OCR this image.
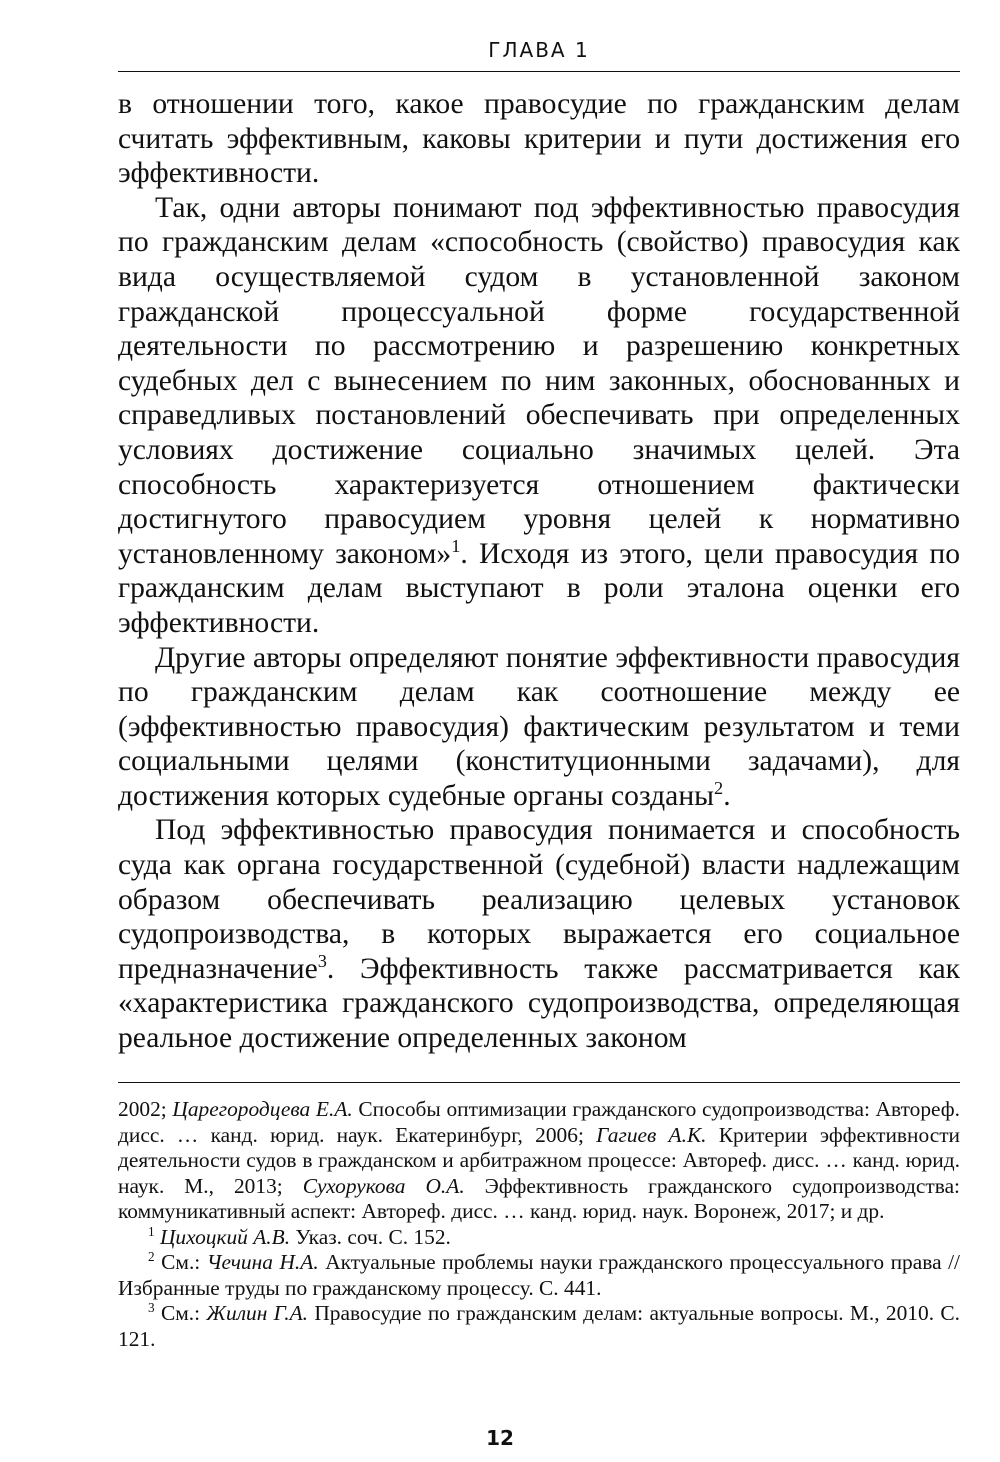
ГЛАВА 1

в отношении того, какое правосудие по гражданским делам считать эффективным, каковы критерии и пути достижения его эффективности.

Так, одни авторы понимают под эффективностью правосудия по гражданским делам «способность (свойство) правосудия как вида осуществляемой судом в установленной законом гражданской процессуальной форме государственной деятельности по рассмотрению и разрешению конкретных судебных дел с вынесением по ним законных, обоснованных и справедливых постановлений обеспечивать при определенных условиях достижение социально значимых целей. Эта способность характеризуется отношением фактически достигнутого правосудием уровня целей к нормативно установленному законом»$^1$. Исходя из этого, цели правосудия по гражданским делам выступают в роли эталона оценки его эффективности.

Другие авторы определяют понятие эффективности правосудия по гражданским делам как соотношение между ее (эффективностью правосудия) фактическим результатом и теми социальными целями (конституционными задачами), для достижения которых судебные органы созданы$^2$.

Под эффективностью правосудия понимается и способность суда как органа государственной (судебной) власти надлежащим образом обеспечивать реализацию целевых установок судопроизводства, в которых выражается его социальное предназначение$^3$. Эффективность также рассматривается как «характеристика гражданского судопроизводства, определяющая реальное достижение определенных законом

2002; Царегородцева Е.А. Способы оптимизации гражданского судопроизводства: Автореф. дисс. … канд. юрид. наук. Екатеринбург, 2006; Гагиев А.К. Критерии эффективности деятельности судов в гражданском и арбитражном процессе: Автореф. дисс. … канд. юрид. наук. М., 2013; Сухорукова О.А. Эффективность гражданского судопроизводства: коммуникативный аспект: Автореф. дисс. … канд. юрид. наук. Воронеж, 2017; и др.

$^1$ Цихоцкий А.В. Указ. соч. С. 152.

$^2$ См.: Чечина Н.А. Актуальные проблемы науки гражданского процессуального права // Избранные труды по гражданскому процессу. С. 441.

$^3$ См.: Жилин Г.А. Правосудие по гражданским делам: актуальные вопросы. М., 2010. С. 121.

12
